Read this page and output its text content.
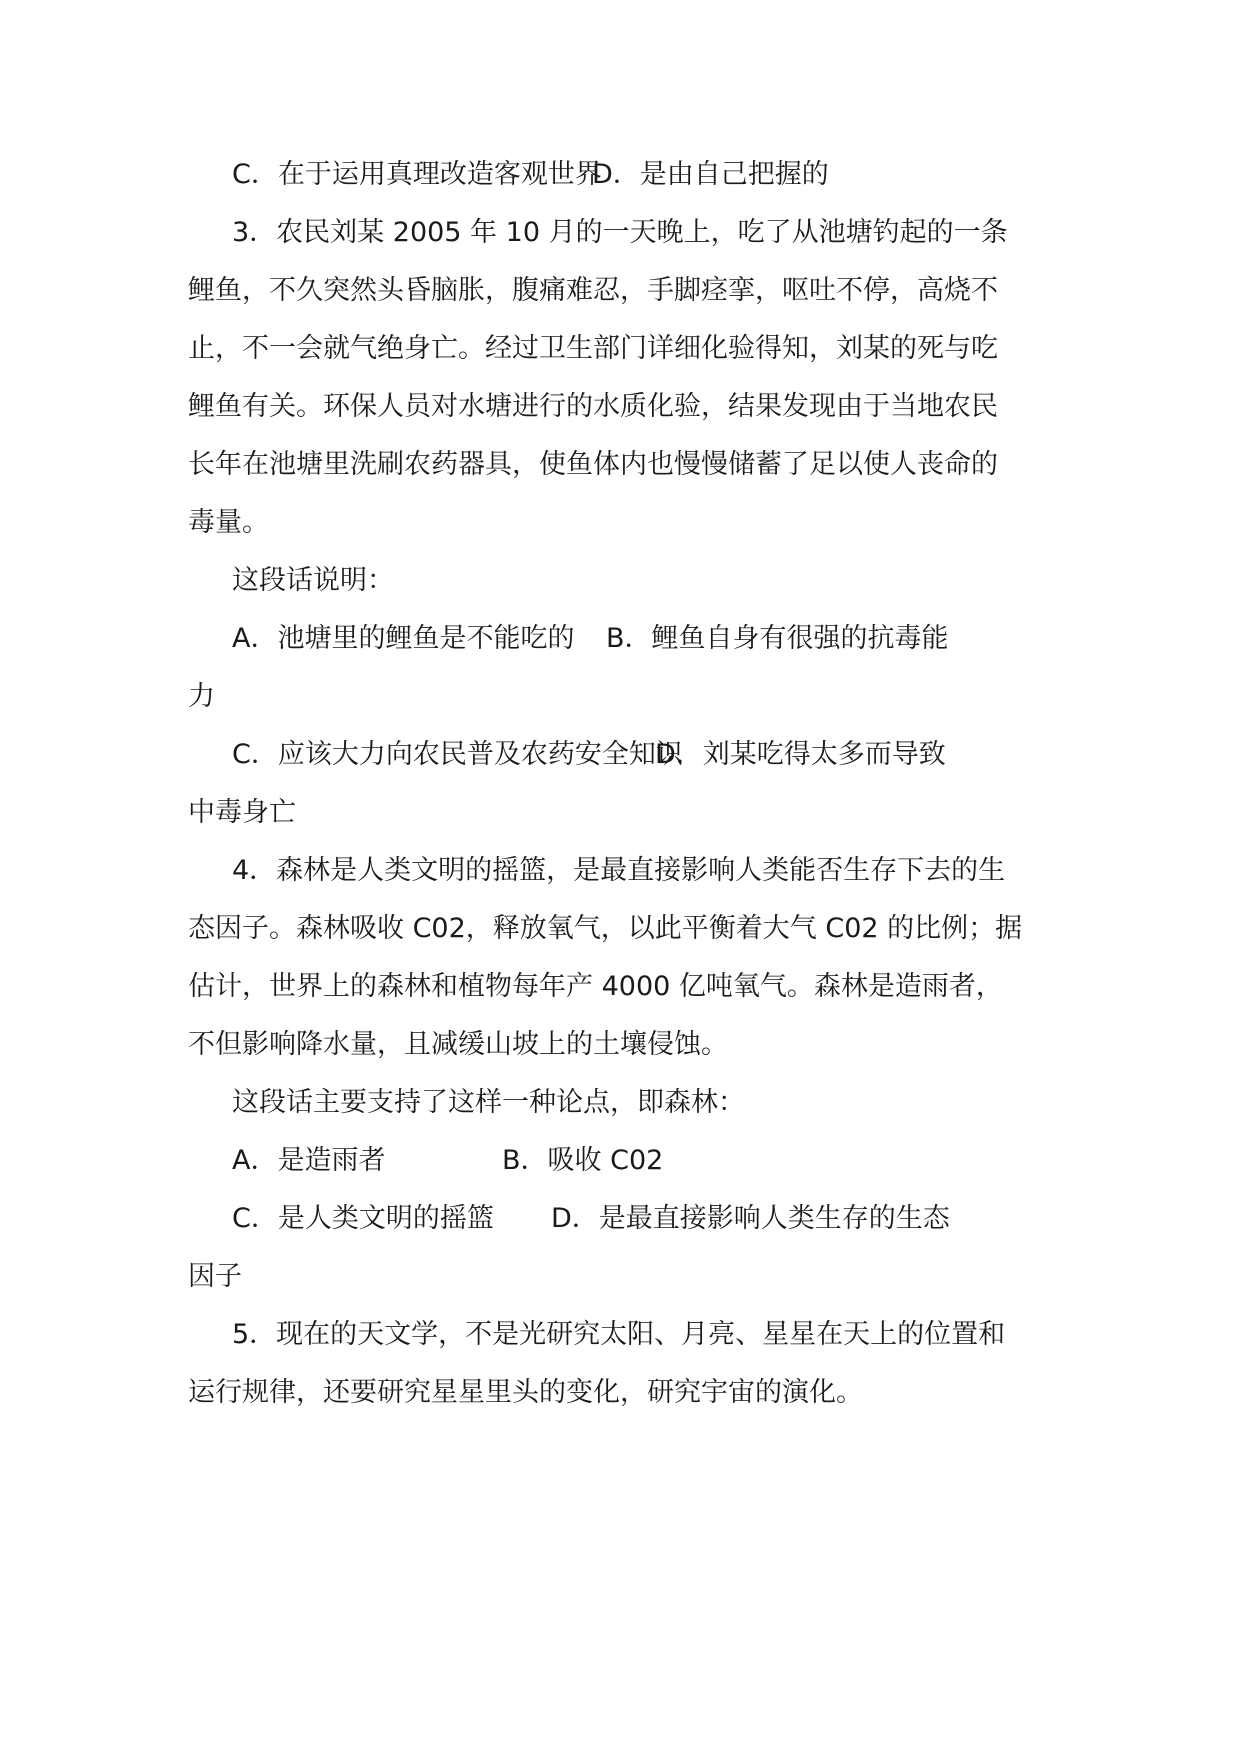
C．在于运用真理改造客观世界
D．是由自己把握的
3．农民刘某 2005 年 10 月的一天晚上，吃了从池塘钓起的一条
鲤鱼，不久突然头昏脑胀，腹痛难忍，手脚痉挛，呕吐不停，高烧不
止，不一会就气绝身亡。经过卫生部门详细化验得知，刘某的死与吃
鲤鱼有关。环保人员对水塘进行的水质化验，结果发现由于当地农民
长年在池塘里洗刷农药器具，使鱼体内也慢慢储蓄了足以使人丧命的
毒量。
这段话说明：
A．池塘里的鲤鱼是不能吃的 B．鲤鱼自身有很强的抗毒能
力
C．应该大力向农民普及农药安全知识
D．刘某吃得太多而导致
中毒身亡
4．森林是人类文明的摇篮，是最直接影响人类能否生存下去的生
态因子。森林吸收 C02，释放氧气，以此平衡着大气 C02 的比例；据
估计，世界上的森林和植物每年产 4000 亿吨氧气。森林是造雨者，
不但影响降水量，且减缓山坡上的土壤侵蚀。
这段话主要支持了这样一种论点，即森林：
A．是造雨者	B．吸收 C02
C．是人类文明的摇篮 D．是最直接影响人类生存的生态
因子
5．现在的天文学，不是光研究太阳、月亮、星星在天上的位置和
运行规律，还要研究星星里头的变化，研究宇宙的演化。
